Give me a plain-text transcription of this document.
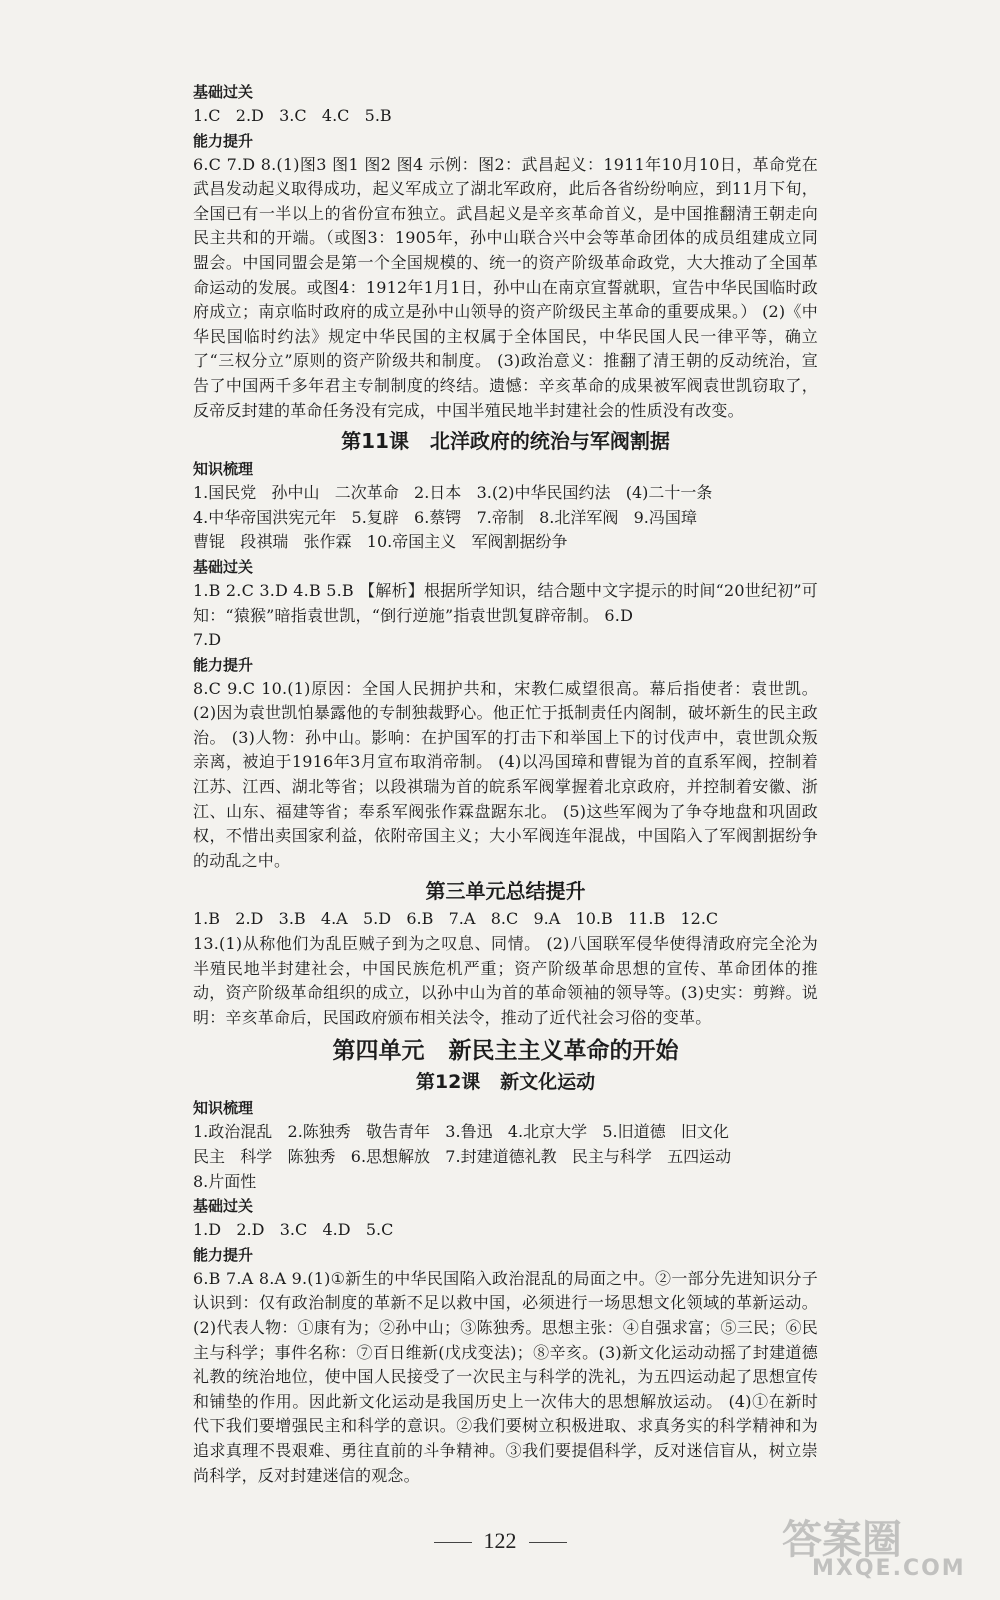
基础过关
1.C   2.D   3.C   4.C   5.B
能力提升
6.C 7.D 8.(1)图3 图1 图2 图4 示例：图2：武昌起义：1911年10月10日，革命党在武昌发动起义取得成功，起义军成立了湖北军政府，此后各省纷纷响应，到11月下旬，全国已有一半以上的省份宣布独立。武昌起义是辛亥革命首义，是中国推翻清王朝走向民主共和的开端。（或图3：1905年，孙中山联合兴中会等革命团体的成员组建成立同盟会。中国同盟会是第一个全国规模的、统一的资产阶级革命政党，大大推动了全国革命运动的发展。或图4：1912年1月1日，孙中山在南京宣誓就职，宣告中华民国临时政府成立；南京临时政府的成立是孙中山领导的资产阶级民主革命的重要成果。） (2)《中华民国临时约法》规定中华民国的主权属于全体国民，中华民国人民一律平等，确立了“三权分立”原则的资产阶级共和制度。 (3)政治意义：推翻了清王朝的反动统治，宣告了中国两千多年君主专制制度的终结。遗憾：辛亥革命的成果被军阀袁世凯窃取了，反帝反封建的革命任务没有完成，中国半殖民地半封建社会的性质没有改变。
第11课   北洋政府的统治与军阀割据
知识梳理
1.国民党   孙中山   二次革命   2.日本   3.(2)中华民国约法   (4)二十一条
4.中华帝国洪宪元年   5.复辟   6.蔡锷   7.帝制   8.北洋军阀   9.冯国璋
曹锟   段祺瑞   张作霖   10.帝国主义   军阀割据纷争
基础过关
1.B 2.C 3.D 4.B 5.B 【解析】根据所学知识，结合题中文字提示的时间“20世纪初”可知：“猿猴”暗指袁世凯，“倒行逆施”指袁世凯复辟帝制。 6.D
7.D
能力提升
8.C 9.C 10.(1)原因：全国人民拥护共和，宋教仁威望很高。幕后指使者：袁世凯。 (2)因为袁世凯怕暴露他的专制独裁野心。他正忙于抵制责任内阁制，破坏新生的民主政治。 (3)人物：孙中山。影响：在护国军的打击下和举国上下的讨伐声中，袁世凯众叛亲离，被迫于1916年3月宣布取消帝制。 (4)以冯国璋和曹锟为首的直系军阀，控制着江苏、江西、湖北等省；以段祺瑞为首的皖系军阀掌握着北京政府，并控制着安徽、浙江、山东、福建等省；奉系军阀张作霖盘踞东北。 (5)这些军阀为了争夺地盘和巩固政权，不惜出卖国家利益，依附帝国主义；大小军阀连年混战，中国陷入了军阀割据纷争的动乱之中。
第三单元总结提升
1.B   2.D   3.B   4.A   5.D   6.B   7.A   8.C   9.A   10.B   11.B   12.C
13.(1)从称他们为乱臣贼子到为之叹息、同情。 (2)八国联军侵华使得清政府完全沦为半殖民地半封建社会，中国民族危机严重；资产阶级革命思想的宣传、革命团体的推动，资产阶级革命组织的成立，以孙中山为首的革命领袖的领导等。(3)史实：剪辫。说明：辛亥革命后，民国政府颁布相关法令，推动了近代社会习俗的变革。
第四单元   新民主主义革命的开始
第12课   新文化运动
知识梳理
1.政治混乱   2.陈独秀   敬告青年   3.鲁迅   4.北京大学   5.旧道德   旧文化
民主   科学   陈独秀   6.思想解放   7.封建道德礼教   民主与科学   五四运动
8.片面性
基础过关
1.D   2.D   3.C   4.D   5.C
能力提升
6.B 7.A 8.A 9.(1)①新生的中华民国陷入政治混乱的局面之中。②一部分先进知识分子认识到：仅有政治制度的革新不足以救中国，必须进行一场思想文化领域的革新运动。 (2)代表人物：①康有为；②孙中山；③陈独秀。思想主张：④自强求富；⑤三民；⑥民主与科学；事件名称：⑦百日维新(戊戌变法)；⑧辛亥。(3)新文化运动动摇了封建道德礼教的统治地位，使中国人民接受了一次民主与科学的洗礼，为五四运动起了思想宣传和铺垫的作用。因此新文化运动是我国历史上一次伟大的思想解放运动。 (4)①在新时代下我们要增强民主和科学的意识。②我们要树立积极进取、求真务实的科学精神和为追求真理不畏艰难、勇往直前的斗争精神。③我们要提倡科学，反对迷信盲从，树立崇尚科学，反对封建迷信的观念。
122	答案圈
MXQE.COM
